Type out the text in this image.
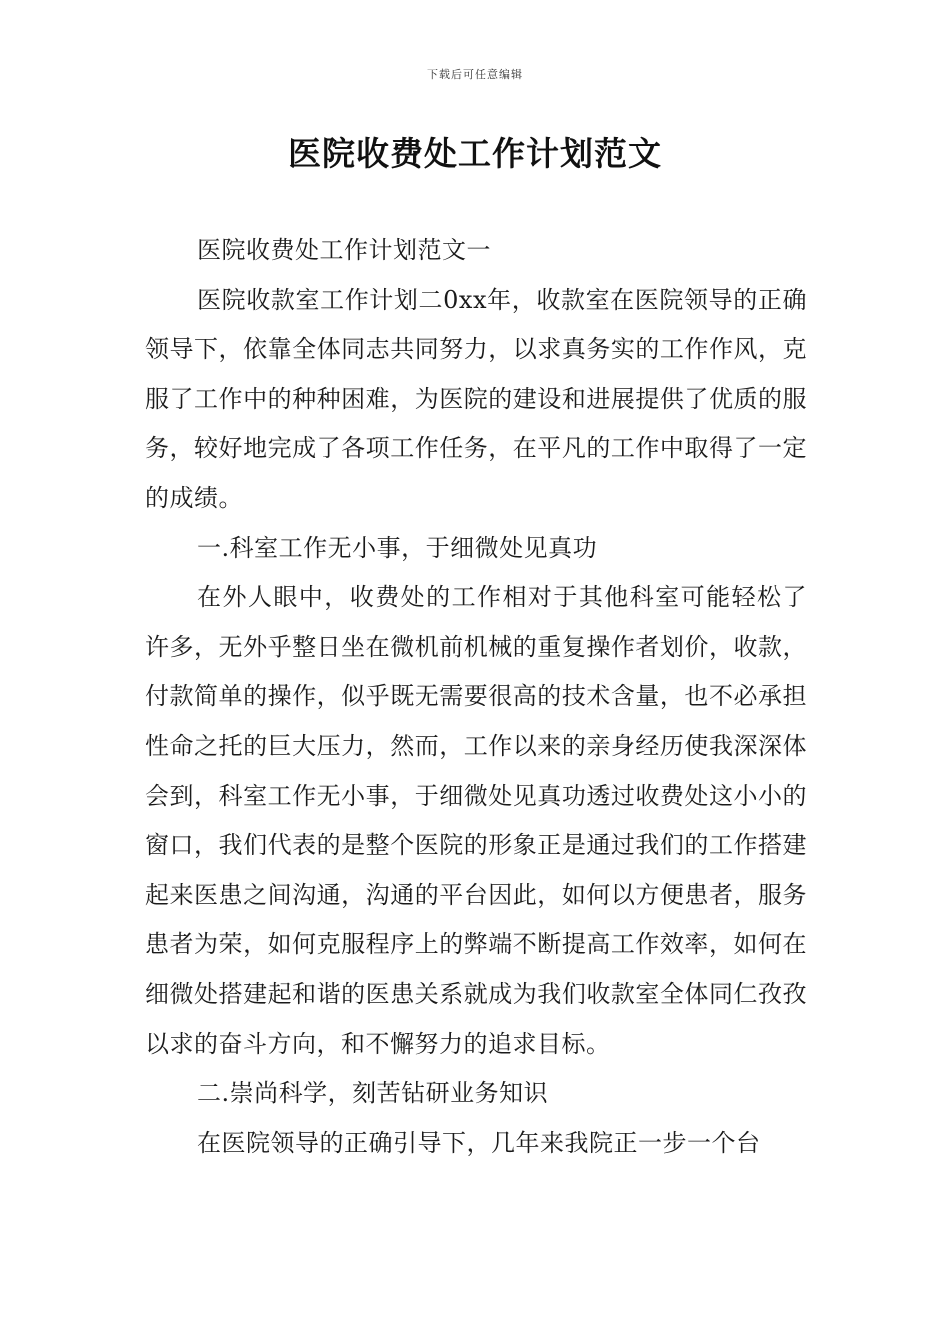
下载后可任意编辑
医院收费处工作计划范文

医院收费处工作计划范文一

医院收款室工作计划二0xx年，收款室在医院领导的正确领导下，依靠全体同志共同努力，以求真务实的工作作风，克服了工作中的种种困难，为医院的建设和进展提供了优质的服务，较好地完成了各项工作任务，在平凡的工作中取得了一定的成绩。

一.科室工作无小事，于细微处见真功

在外人眼中，收费处的工作相对于其他科室可能轻松了许多，无外乎整日坐在微机前机械的重复操作者划价，收款，付款简单的操作，似乎既无需要很高的技术含量，也不必承担性命之托的巨大压力，然而，工作以来的亲身经历使我深深体会到，科室工作无小事，于细微处见真功透过收费处这小小的窗口，我们代表的是整个医院的形象正是通过我们的工作搭建起来医患之间沟通，沟通的平台因此，如何以方便患者，服务患者为荣，如何克服程序上的弊端不断提高工作效率，如何在细微处搭建起和谐的医患关系就成为我们收款室全体同仁孜孜以求的奋斗方向，和不懈努力的追求目标。

二.崇尚科学，刻苦钻研业务知识

在医院领导的正确引导下，几年来我院正一步一个台
